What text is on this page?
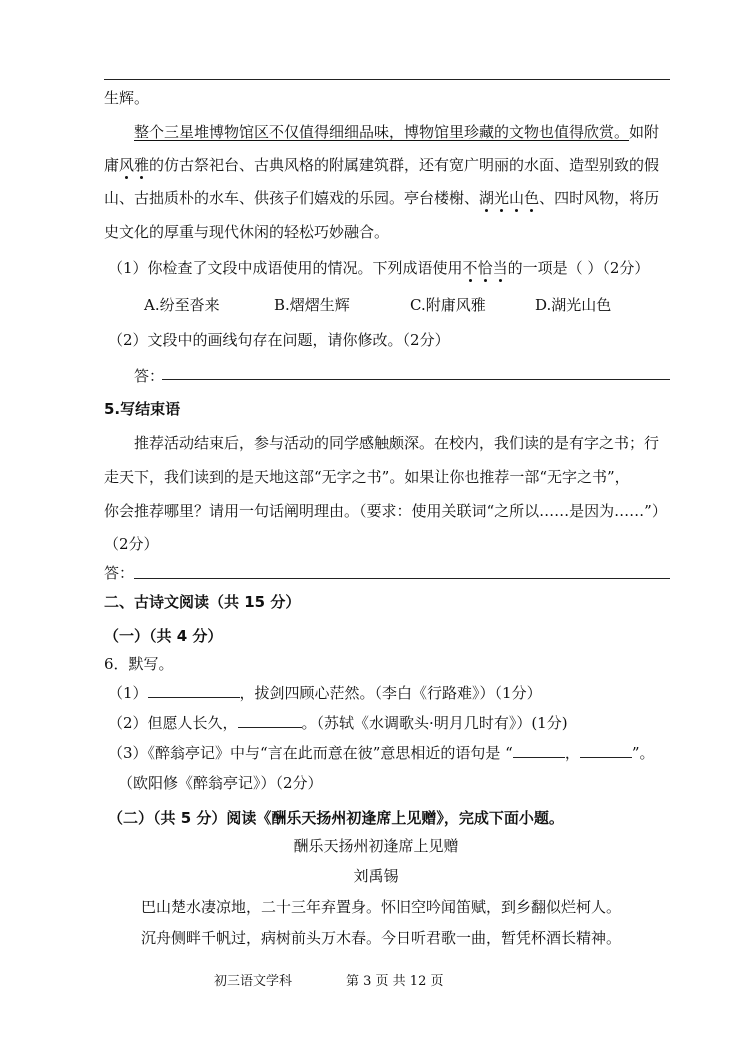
生辉。
整个三星堆博物馆区不仅值得细细品味，博物馆里珍藏的文物也值得欣赏。如附
庸风雅的仿古祭祀台、古典风格的附属建筑群，还有宽广明丽的水面、造型别致的假
山、古拙质朴的水车、供孩子们嬉戏的乐园。亭台楼榭、湖光山色、四时风物，将历
史文化的厚重与现代休闲的轻松巧妙融合。
（1）你检查了文段中成语使用的情况。下列成语使用不恰当的一项是（ ）（2分）
A.纷至沓来	B.熠熠生辉	C.附庸风雅	D.湖光山色
（2）文段中的画线句存在问题，请你修改。（2分）
答：
5.写结束语
推荐活动结束后，参与活动的同学感触颇深。在校内，我们读的是有字之书；行
走天下，我们读到的是天地这部“无字之书”。如果让你也推荐一部“无字之书”，
你会推荐哪里？请用一句话阐明理由。（要求：使用关联词“之所以……是因为……”）
（2分）
答：
二、古诗文阅读（共 15 分）
（一）（共 4 分）
6．默写。
（1）	，拔剑四顾心茫然。（李白《行路难》）（1分）
（2）但愿人长久，	。（苏轼《水调歌头·明月几时有》）(1分)
（3）《醉翁亭记》中与“言在此而意在彼”意思相近的语句是 “	，	”。
（欧阳修《醉翁亭记》）（2分）
（二）（共 5 分）阅读《酬乐天扬州初逢席上见赠》，完成下面小题。
酬乐天扬州初逢席上见赠
刘禹锡
巴山楚水凄凉地，二十三年弃置身。怀旧空吟闻笛赋，到乡翻似烂柯人。
沉舟侧畔千帆过，病树前头万木春。今日听君歌一曲，暂凭杯酒长精神。
初三语文学科	第 3 页 共 12 页
